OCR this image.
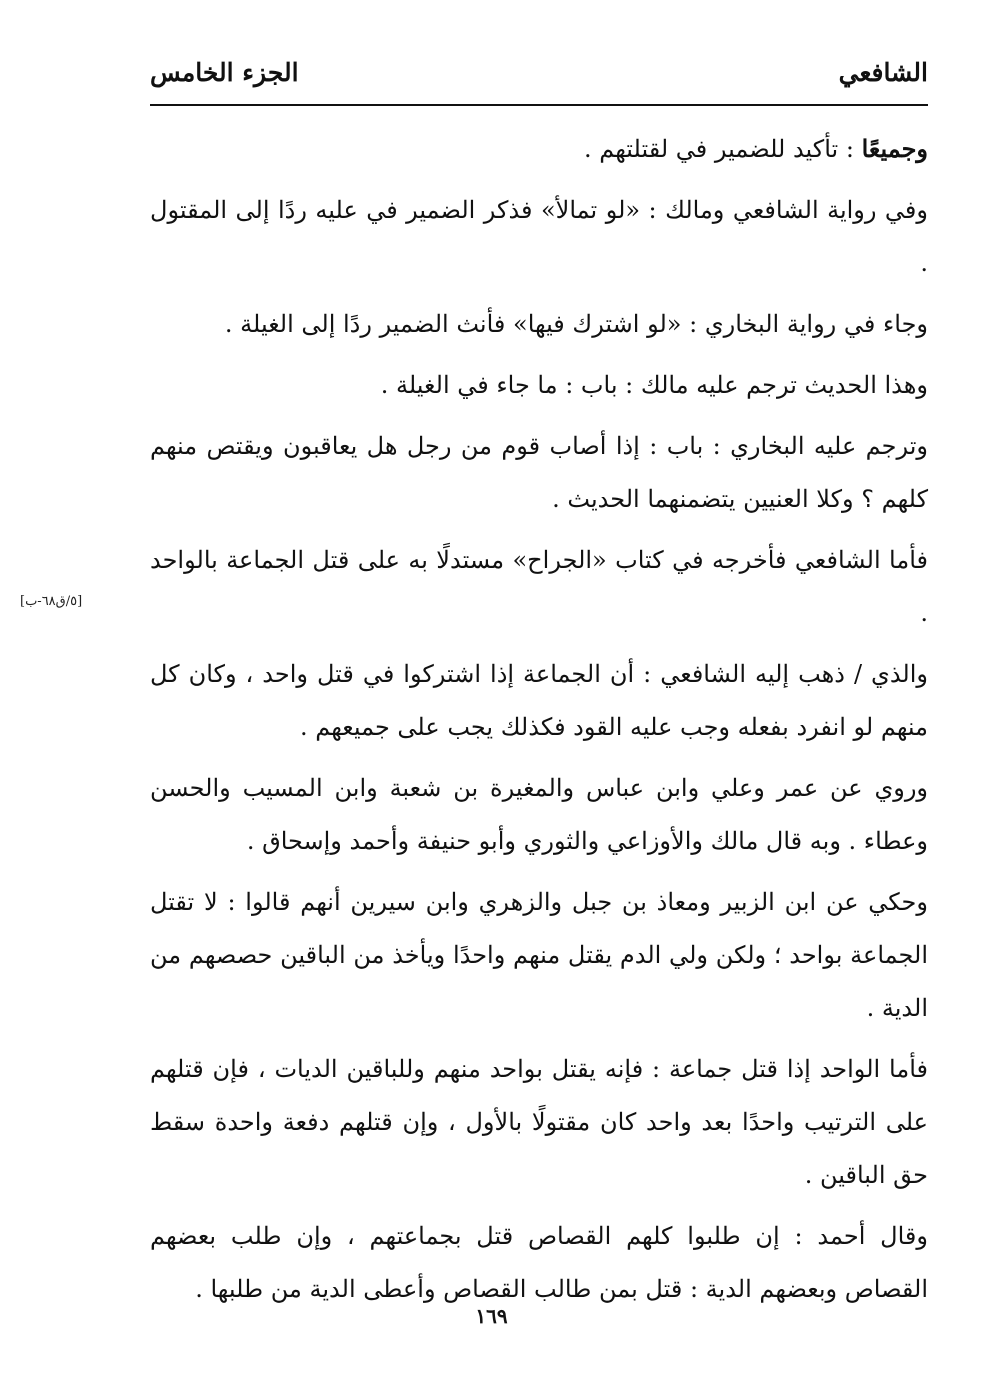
الشافعي
الجزء الخامس

وجميعًا : تأكيد للضمير في لقتلتهم .

وفي رواية الشافعي ومالك : «لو تمالأ» فذكر الضمير في عليه ردًا إلى المقتول .

وجاء في رواية البخاري : «لو اشترك فيها» فأنث الضمير ردًا إلى الغيلة .

وهذا الحديث ترجم عليه مالك : باب : ما جاء في الغيلة .

وترجم عليه البخاري : باب : إذا أصاب قوم من رجل هل يعاقبون ويقتص منهم كلهم ؟ وكلا العنيين يتضمنهما الحديث .

فأما الشافعي فأخرجه في كتاب «الجراح» مستدلًا به على قتل الجماعة بالواحد .

والذي / ذهب إليه الشافعي : أن الجماعة إذا اشتركوا في قتل واحد ، وكان كل منهم لو انفرد بفعله وجب عليه القود فكذلك يجب على جميعهم .

وروي عن عمر وعلي وابن عباس والمغيرة بن شعبة وابن المسيب والحسن وعطاء . وبه قال مالك والأوزاعي والثوري وأبو حنيفة وأحمد وإسحاق .

وحكي عن ابن الزبير ومعاذ بن جبل والزهري وابن سيرين أنهم قالوا : لا تقتل الجماعة بواحد ؛ ولكن ولي الدم يقتل منهم واحدًا ويأخذ من الباقين حصصهم من الدية .

فأما الواحد إذا قتل جماعة : فإنه يقتل بواحد منهم وللباقين الديات ، فإن قتلهم على الترتيب واحدًا بعد واحد كان مقتولًا بالأول ، وإن قتلهم دفعة واحدة سقط حق الباقين .

وقال أحمد : إن طلبوا كلهم القصاص قتل بجماعتهم ، وإن طلب بعضهم القصاص وبعضهم الدية : قتل بمن طالب القصاص وأعطى الدية من طلبها .

[٥/ق٦٨-ب]
١٦٩
